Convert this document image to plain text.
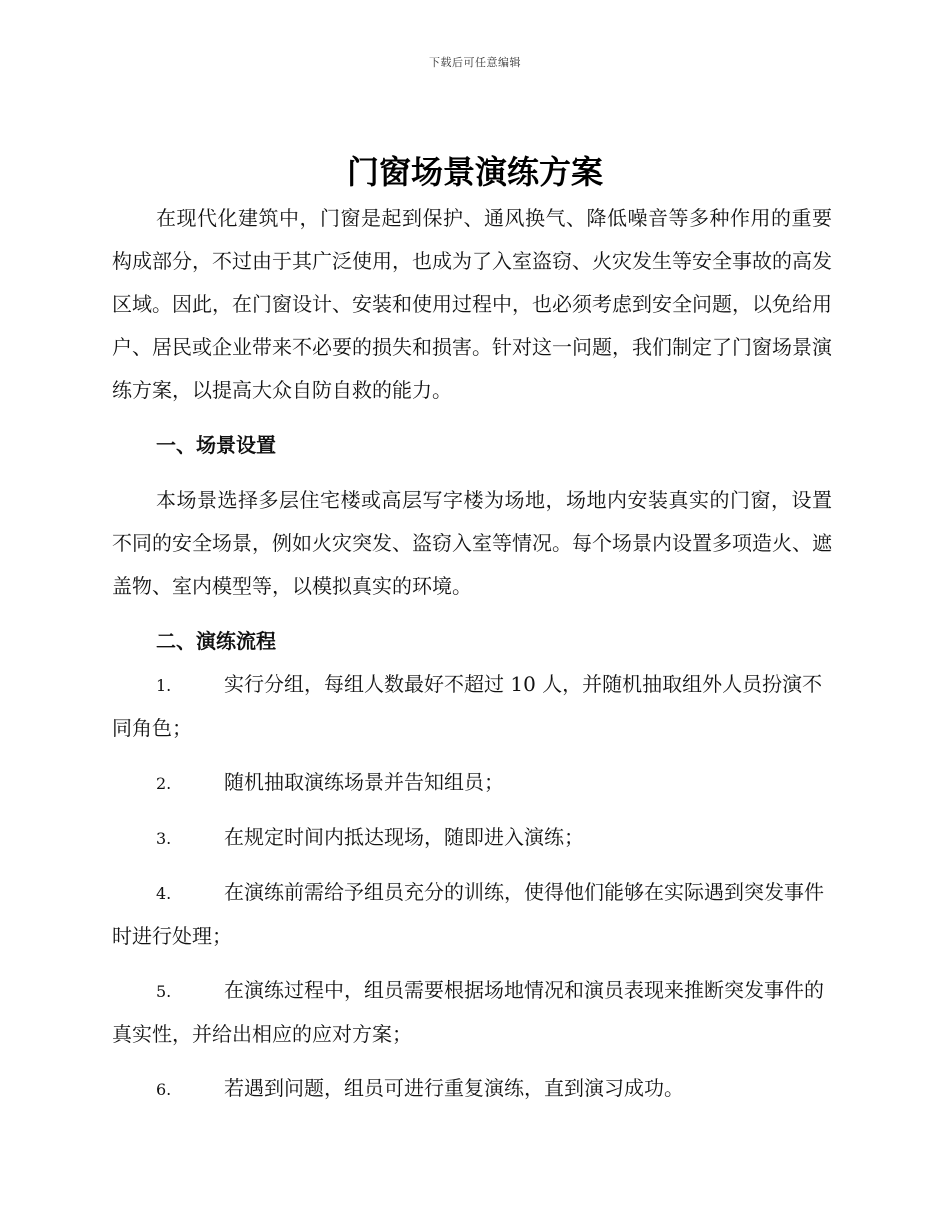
下载后可任意编辑
门窗场景演练方案

在现代化建筑中，门窗是起到保护、通风换气、降低噪音等多种作用的重要构成部分，不过由于其广泛使用，也成为了入室盗窃、火灾发生等安全事故的高发区域。因此，在门窗设计、安装和使用过程中，也必须考虑到安全问题，以免给用户、居民或企业带来不必要的损失和损害。针对这一问题，我们制定了门窗场景演练方案，以提高大众自防自救的能力。

一、场景设置

本场景选择多层住宅楼或高层写字楼为场地，场地内安装真实的门窗，设置不同的安全场景，例如火灾突发、盗窃入室等情况。每个场景内设置多项造火、遮盖物、室内模型等，以模拟真实的环境。

二、演练流程
1.	实行分组，每组人数最好不超过 10 人，并随机抽取组外人员扮演不同角色；
2.	随机抽取演练场景并告知组员；
3.	在规定时间内抵达现场，随即进入演练；
4.	在演练前需给予组员充分的训练，使得他们能够在实际遇到突发事件时进行处理；
5.	在演练过程中，组员需要根据场地情况和演员表现来推断突发事件的真实性，并给出相应的应对方案；
6.	若遇到问题，组员可进行重复演练，直到演习成功。
